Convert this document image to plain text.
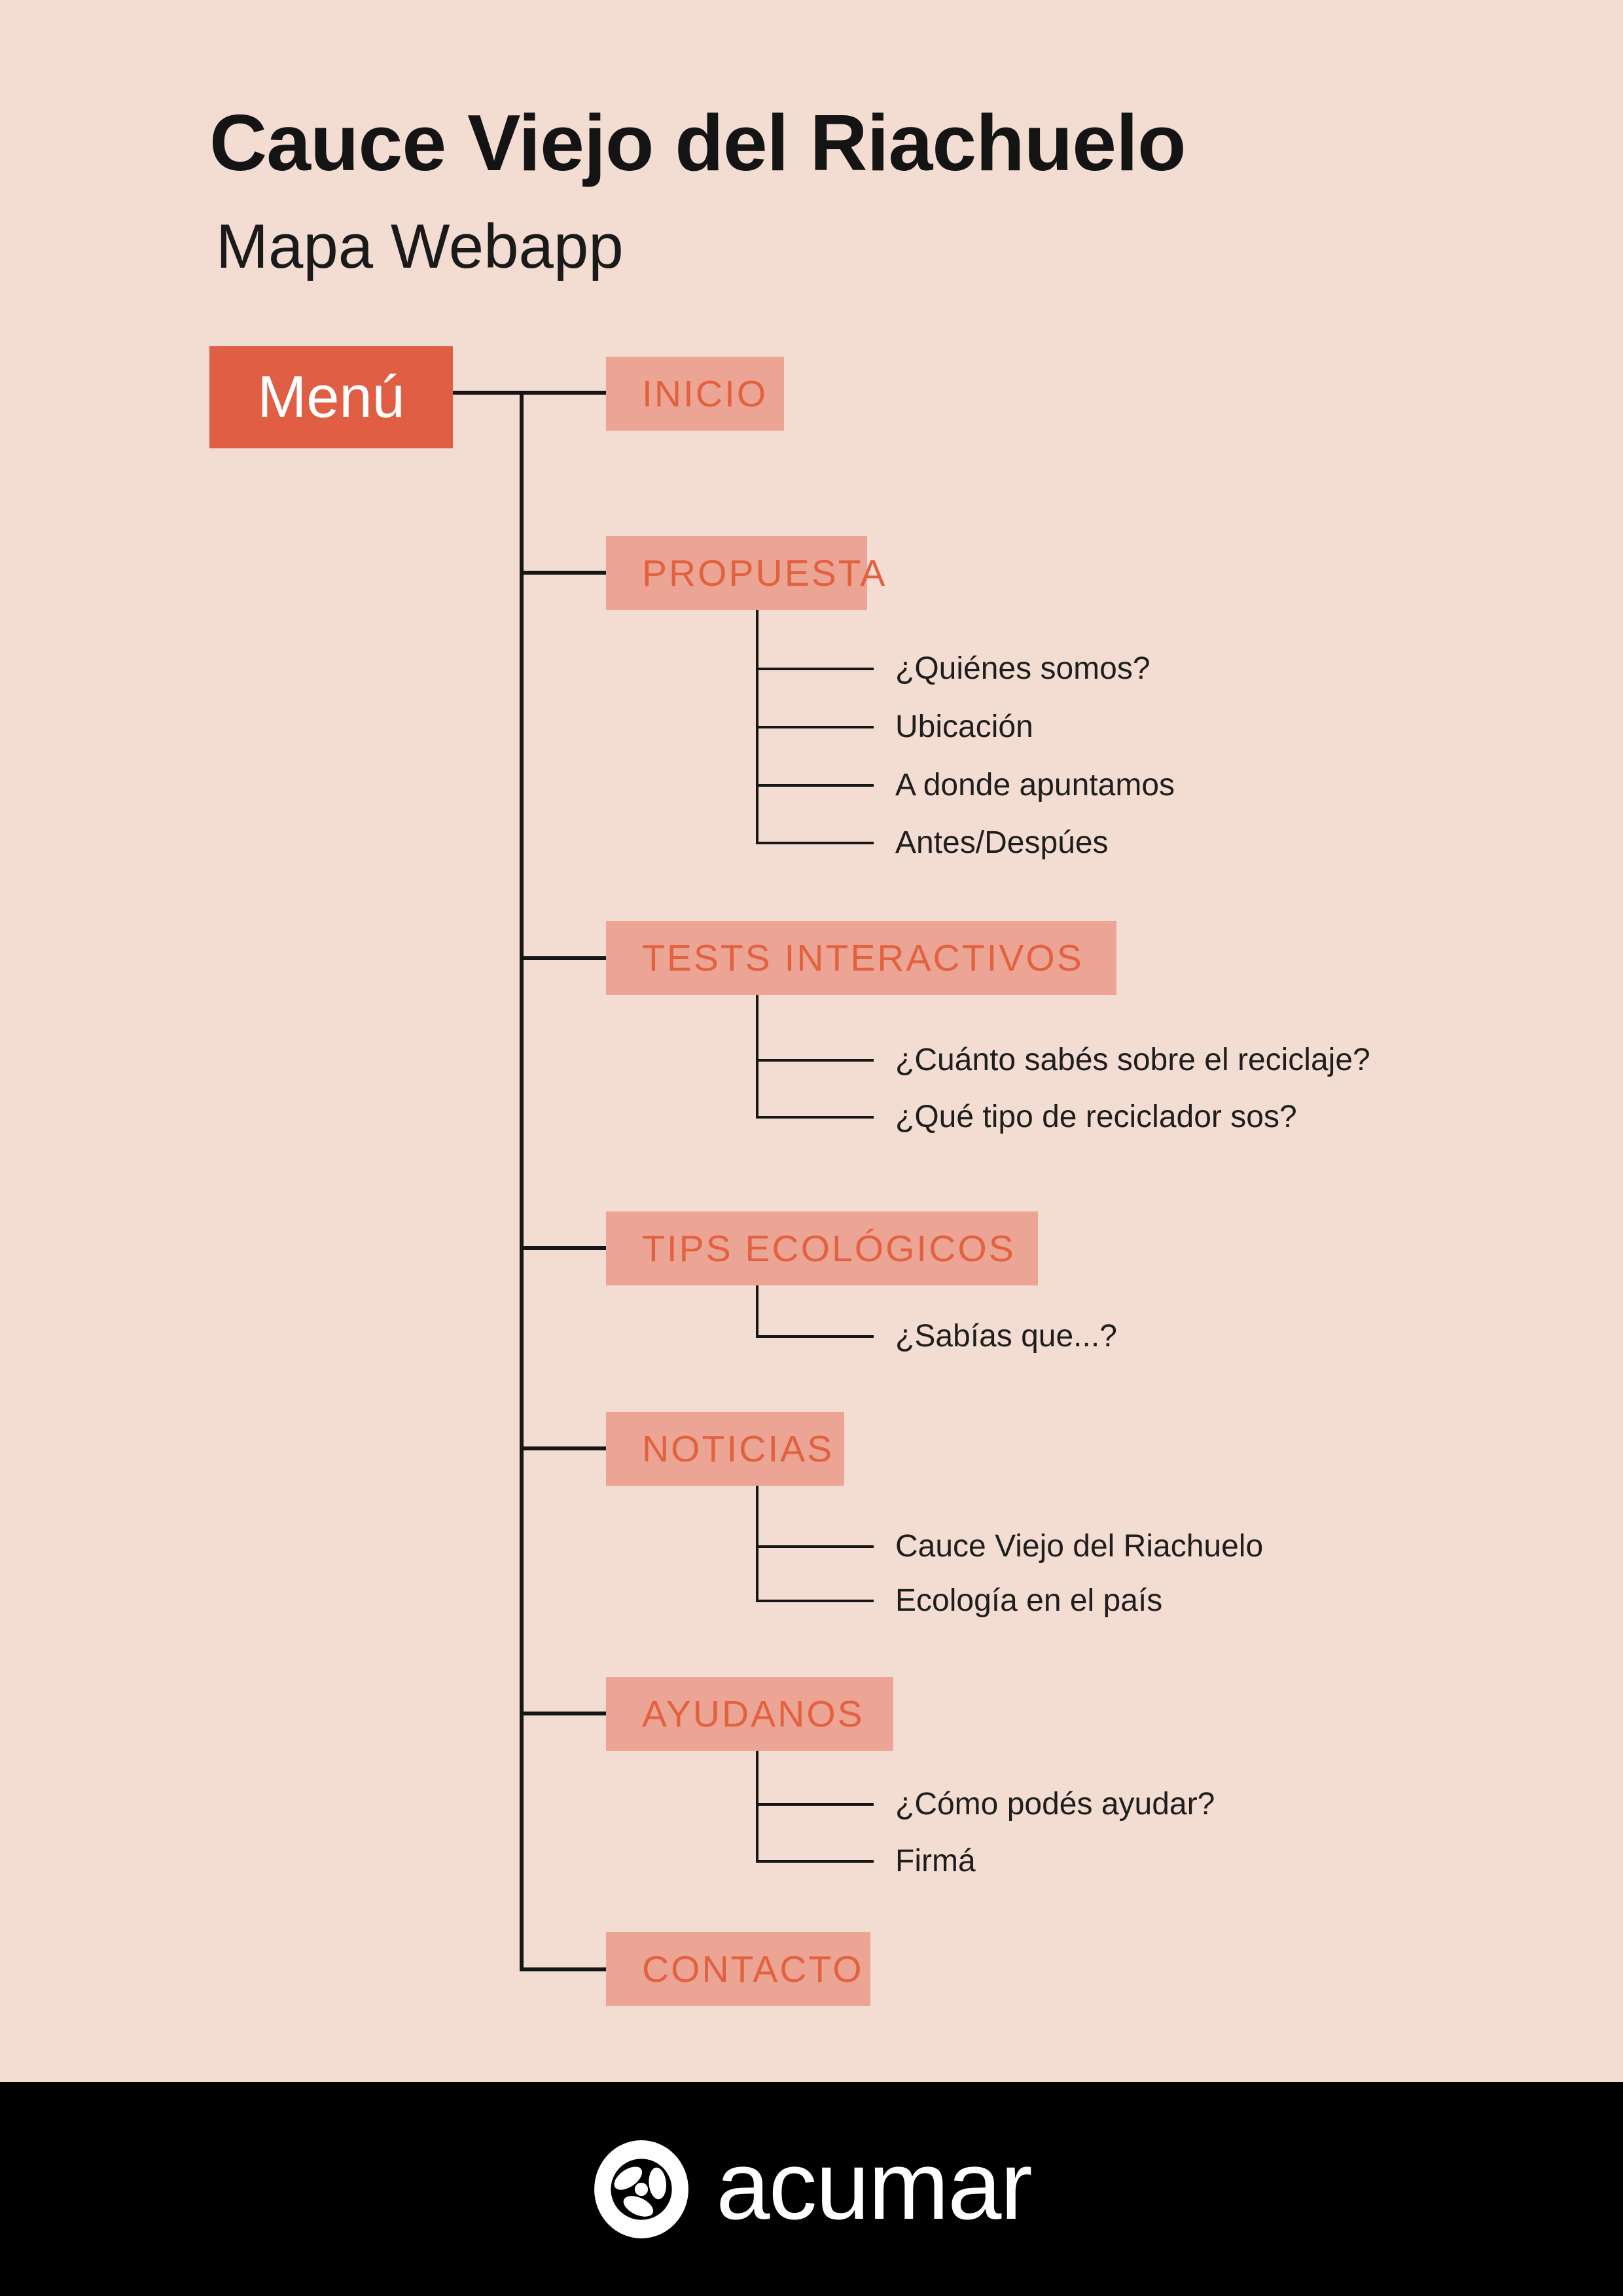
Cauce Viejo del Riachuelo
Mapa Webapp
Menú	INICIO
PROPUESTA
TESTS INTERACTIVOS
TIPS ECOLÓGICOS
NOTICIAS
AYUDANOS
CONTACTO
¿Quiénes somos?
Ubicación
A donde apuntamos
Antes/Despúes
¿Cuánto sabés sobre el reciclaje?
¿Qué tipo de reciclador sos?
¿Sabías que...?
Cauce Viejo del Riachuelo
Ecología en el país
¿Cómo podés ayudar?
Firmá
acumar
